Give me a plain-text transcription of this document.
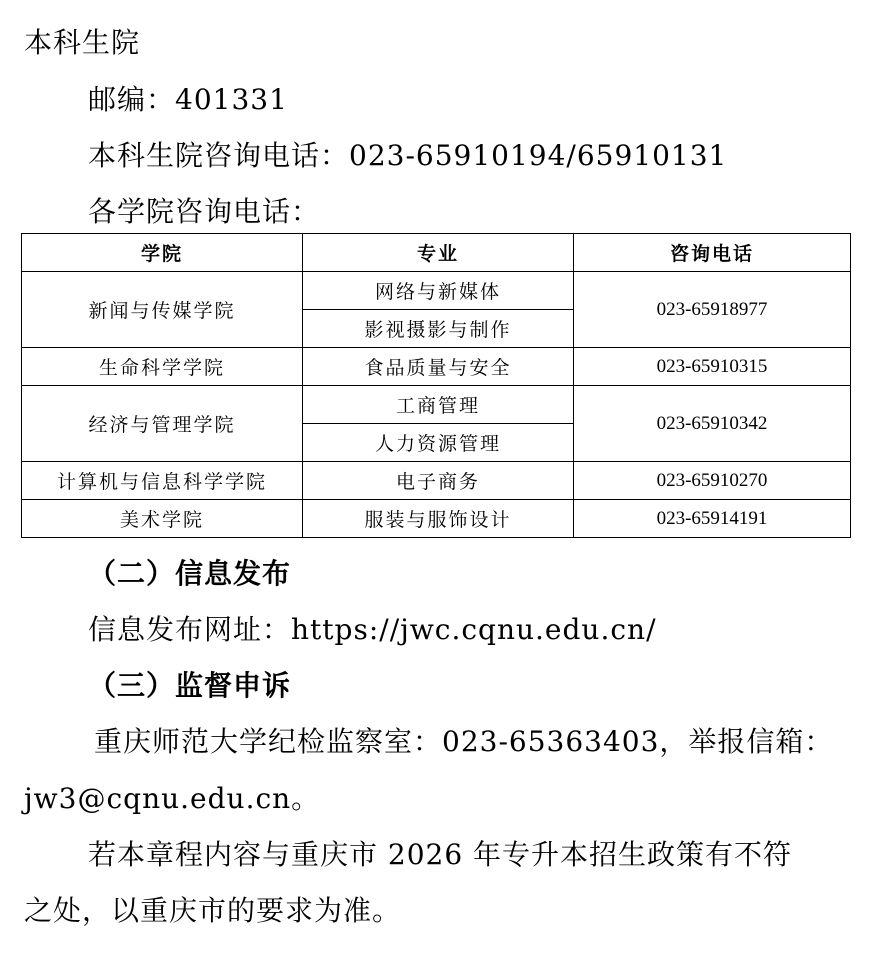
本科生院
邮编：401331
本科生院咨询电话：023-65910194/65910131
各学院咨询电话：
学院	专业	咨询电话
新闻与传媒学院	网络与新媒体	023-65918977
	影视摄影与制作	
生命科学学院	食品质量与安全	023-65910315
经济与管理学院	工商管理	023-65910342
	人力资源管理	
计算机与信息科学学院	电子商务	023-65910270
美术学院	服装与服饰设计	023-65914191
（二）信息发布
信息发布网址：https://jwc.cqnu.edu.cn/
（三）监督申诉
重庆师范大学纪检监察室：023-65363403，举报信箱：
jw3@cqnu.edu.cn。
若本章程内容与重庆市 2026 年专升本招生政策有不符
之处，以重庆市的要求为准。
